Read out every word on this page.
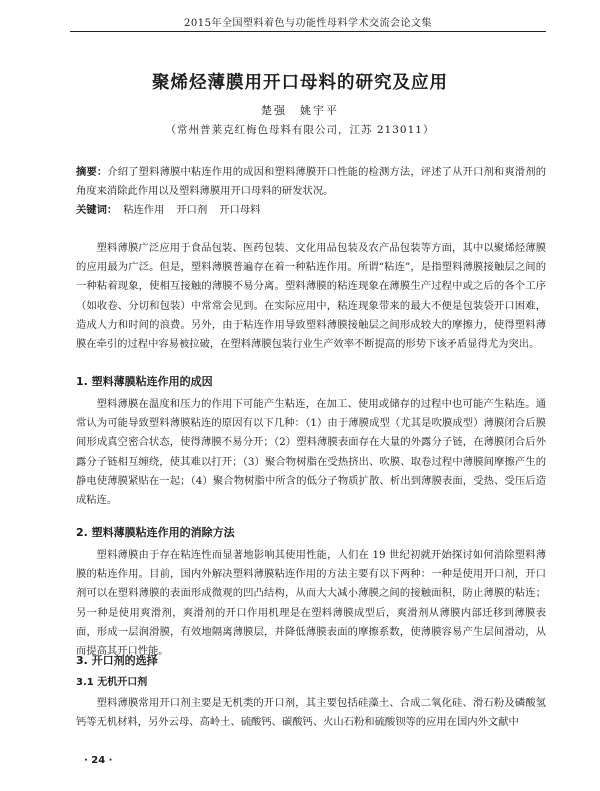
2015年全国塑料着色与功能性母料学术交流会论文集
聚烯烃薄膜用开口母料的研究及应用
楚强　姚宇平
（常州普莱克红梅色母料有限公司，江苏 213011）
摘要：介绍了塑料薄膜中粘连作用的成因和塑料薄膜开口性能的检测方法，评述了从开口剂和爽滑剂的角度来消除此作用以及塑料薄膜用开口母料的研发状况。
关键词： 粘连作用 开口剂 开口母料
塑料薄膜广泛应用于食品包装、医药包装、文化用品包装及农产品包装等方面，其中以聚烯烃薄膜的应用最为广泛。但是，塑料薄膜普遍存在着一种粘连作用。所谓“粘连”，是指塑料薄膜接触层之间的一种粘着现象，使相互接触的薄膜不易分离。塑料薄膜的粘连现象在薄膜生产过程中或之后的各个工序（如收卷、分切和包装）中常常会见到。在实际应用中，粘连现象带来的最大不便是包装袋开口困难，造成人力和时间的浪费。另外，由于粘连作用导致塑料薄膜接触层之间形成较大的摩擦力，使得塑料薄膜在牵引的过程中容易被拉破，在塑料薄膜包装行业生产效率不断提高的形势下该矛盾显得尤为突出。
1. 塑料薄膜粘连作用的成因
塑料薄膜在温度和压力的作用下可能产生粘连，在加工、使用或储存的过程中也可能产生粘连。通常认为可能导致塑料薄膜粘连的原因有以下几种：（1）由于薄膜成型（尤其是吹膜成型）薄膜闭合后膜间形成真空密合状态，使得薄膜不易分开；（2）塑料薄膜表面存在大量的外露分子链，在薄膜闭合后外露分子链相互缠绕，使其难以打开；（3）聚合物树脂在受热挤出、吹膜、取卷过程中薄膜间摩擦产生的静电使薄膜紧贴在一起；（4）聚合物树脂中所含的低分子物质扩散、析出到薄膜表面，受热、受压后造成粘连。
2. 塑料薄膜粘连作用的消除方法
塑料薄膜由于存在粘连性而显著地影响其使用性能，人们在 19 世纪初就开始探讨如何消除塑料薄膜的粘连作用。目前，国内外解决塑料薄膜粘连作用的方法主要有以下两种：一种是使用开口剂，开口剂可以在塑料薄膜的表面形成微观的凹凸结构，从而大大减小薄膜之间的接触面积，防止薄膜的粘连；另一种是使用爽滑剂，爽滑剂的开口作用机理是在塑料薄膜成型后，爽滑剂从薄膜内部迁移到薄膜表面，形成一层润滑膜，有效地隔离薄膜层，并降低薄膜表面的摩擦系数，使薄膜容易产生层间滑动，从而提高其开口性能。
3. 开口剂的选择
3.1 无机开口剂
塑料薄膜常用开口剂主要是无机类的开口剂，其主要包括硅藻土、合成二氧化硅、滑石粉及磷酸氢钙等无机材料，另外云母、高岭土、硫酸钙、碳酸钙、火山石粉和硫酸钡等的应用在国内外文献中
· 24 ·
